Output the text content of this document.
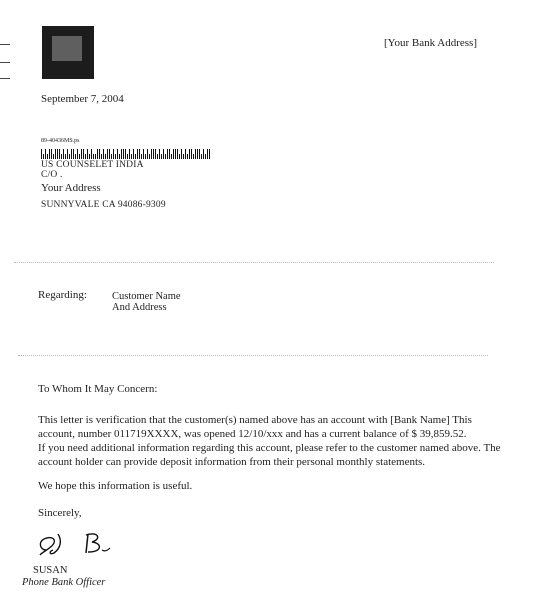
[Your Bank Address]
September 7, 2004
89-40436MS.ps
US COUNSELET INDIA
C/O .
Your Address
SUNNYVALE CA 94086-9309
Regarding: Customer Name
And Address
To Whom It May Concern:
This letter is verification that the customer(s) named above has an account with [Bank Name] This
account, number 011719XXXX, was opened 12/10/xxx and has a current balance of $ 39,859.52.
If you need additional information regarding this account, please refer to the customer named above. The
account holder can provide deposit information from their personal monthly statements.
We hope this information is useful.
Sincerely,
SUSAN
Phone Bank Officer
